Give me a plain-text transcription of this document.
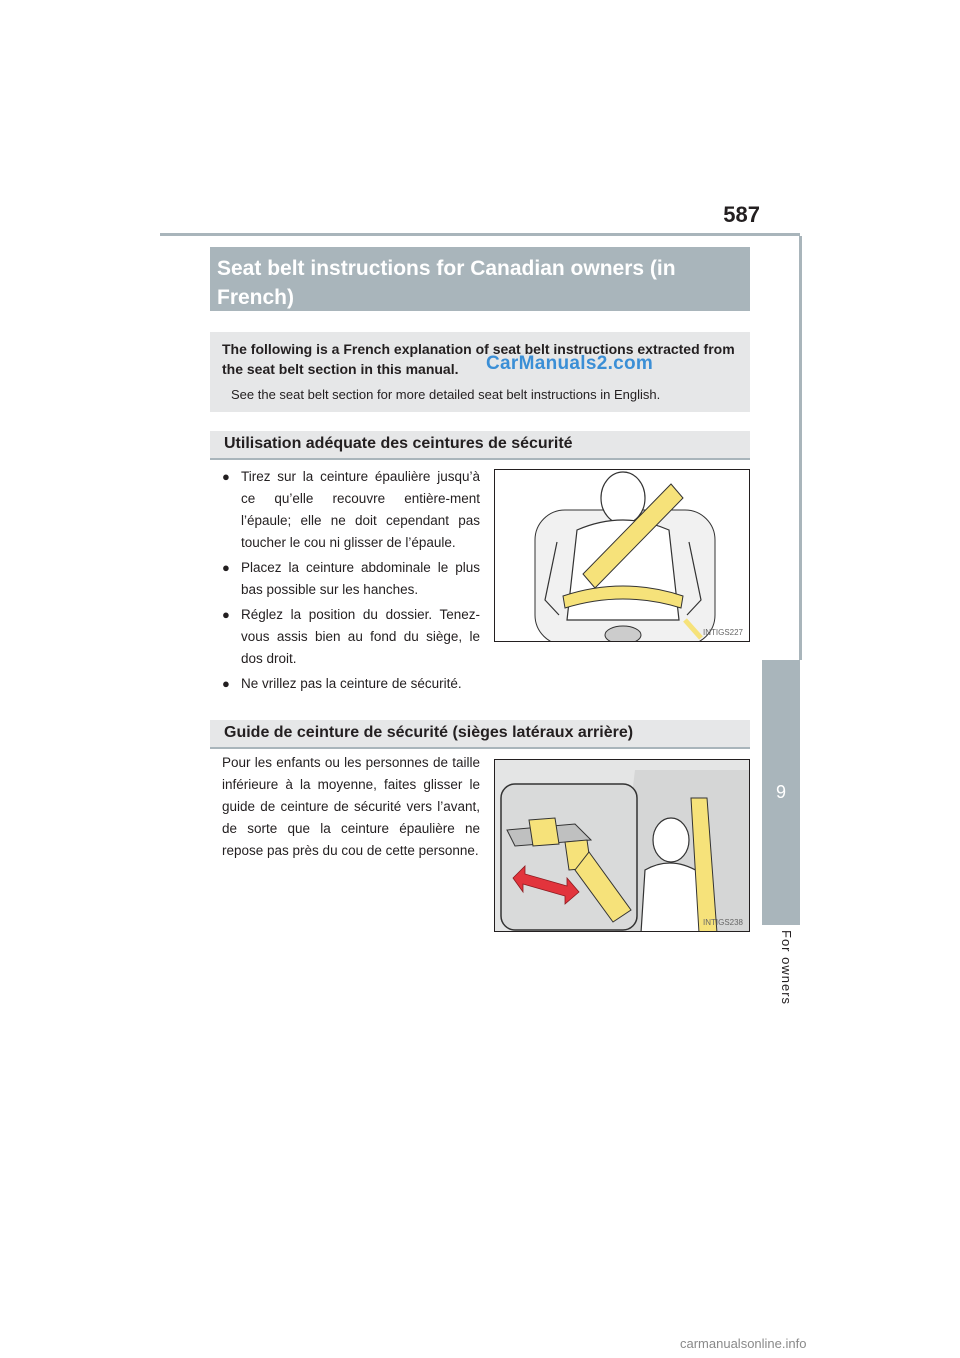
587
Seat belt instructions for Canadian owners (in French)

The following is a French explanation of seat belt instructions extracted from the seat belt section in this manual.

See the seat belt section for more detailed seat belt instructions in English.

CarManuals2.com
Utilisation adéquate des ceintures de sécurité
● Tirez sur la ceinture épaulière jusqu’à ce qu’elle recouvre entière-ment l’épaule; elle ne doit cependant pas toucher le cou ni glisser de l’épaule.
● Placez la ceinture abdominale le plus bas possible sur les hanches.
● Réglez la position du dossier. Tenez-vous assis bien au fond du siège, le dos droit.
● Ne vrillez pas la ceinture de sécurité.
INTIGS227
Guide de ceinture de sécurité (sièges latéraux arrière)

Pour les enfants ou les personnes de taille inférieure à la moyenne, faites glisser le guide de ceinture de sécurité vers l’avant, de sorte que la ceinture épaulière ne repose pas près du cou de cette personne.

INTIGS238
9
For owners
carmanualsonline.info
